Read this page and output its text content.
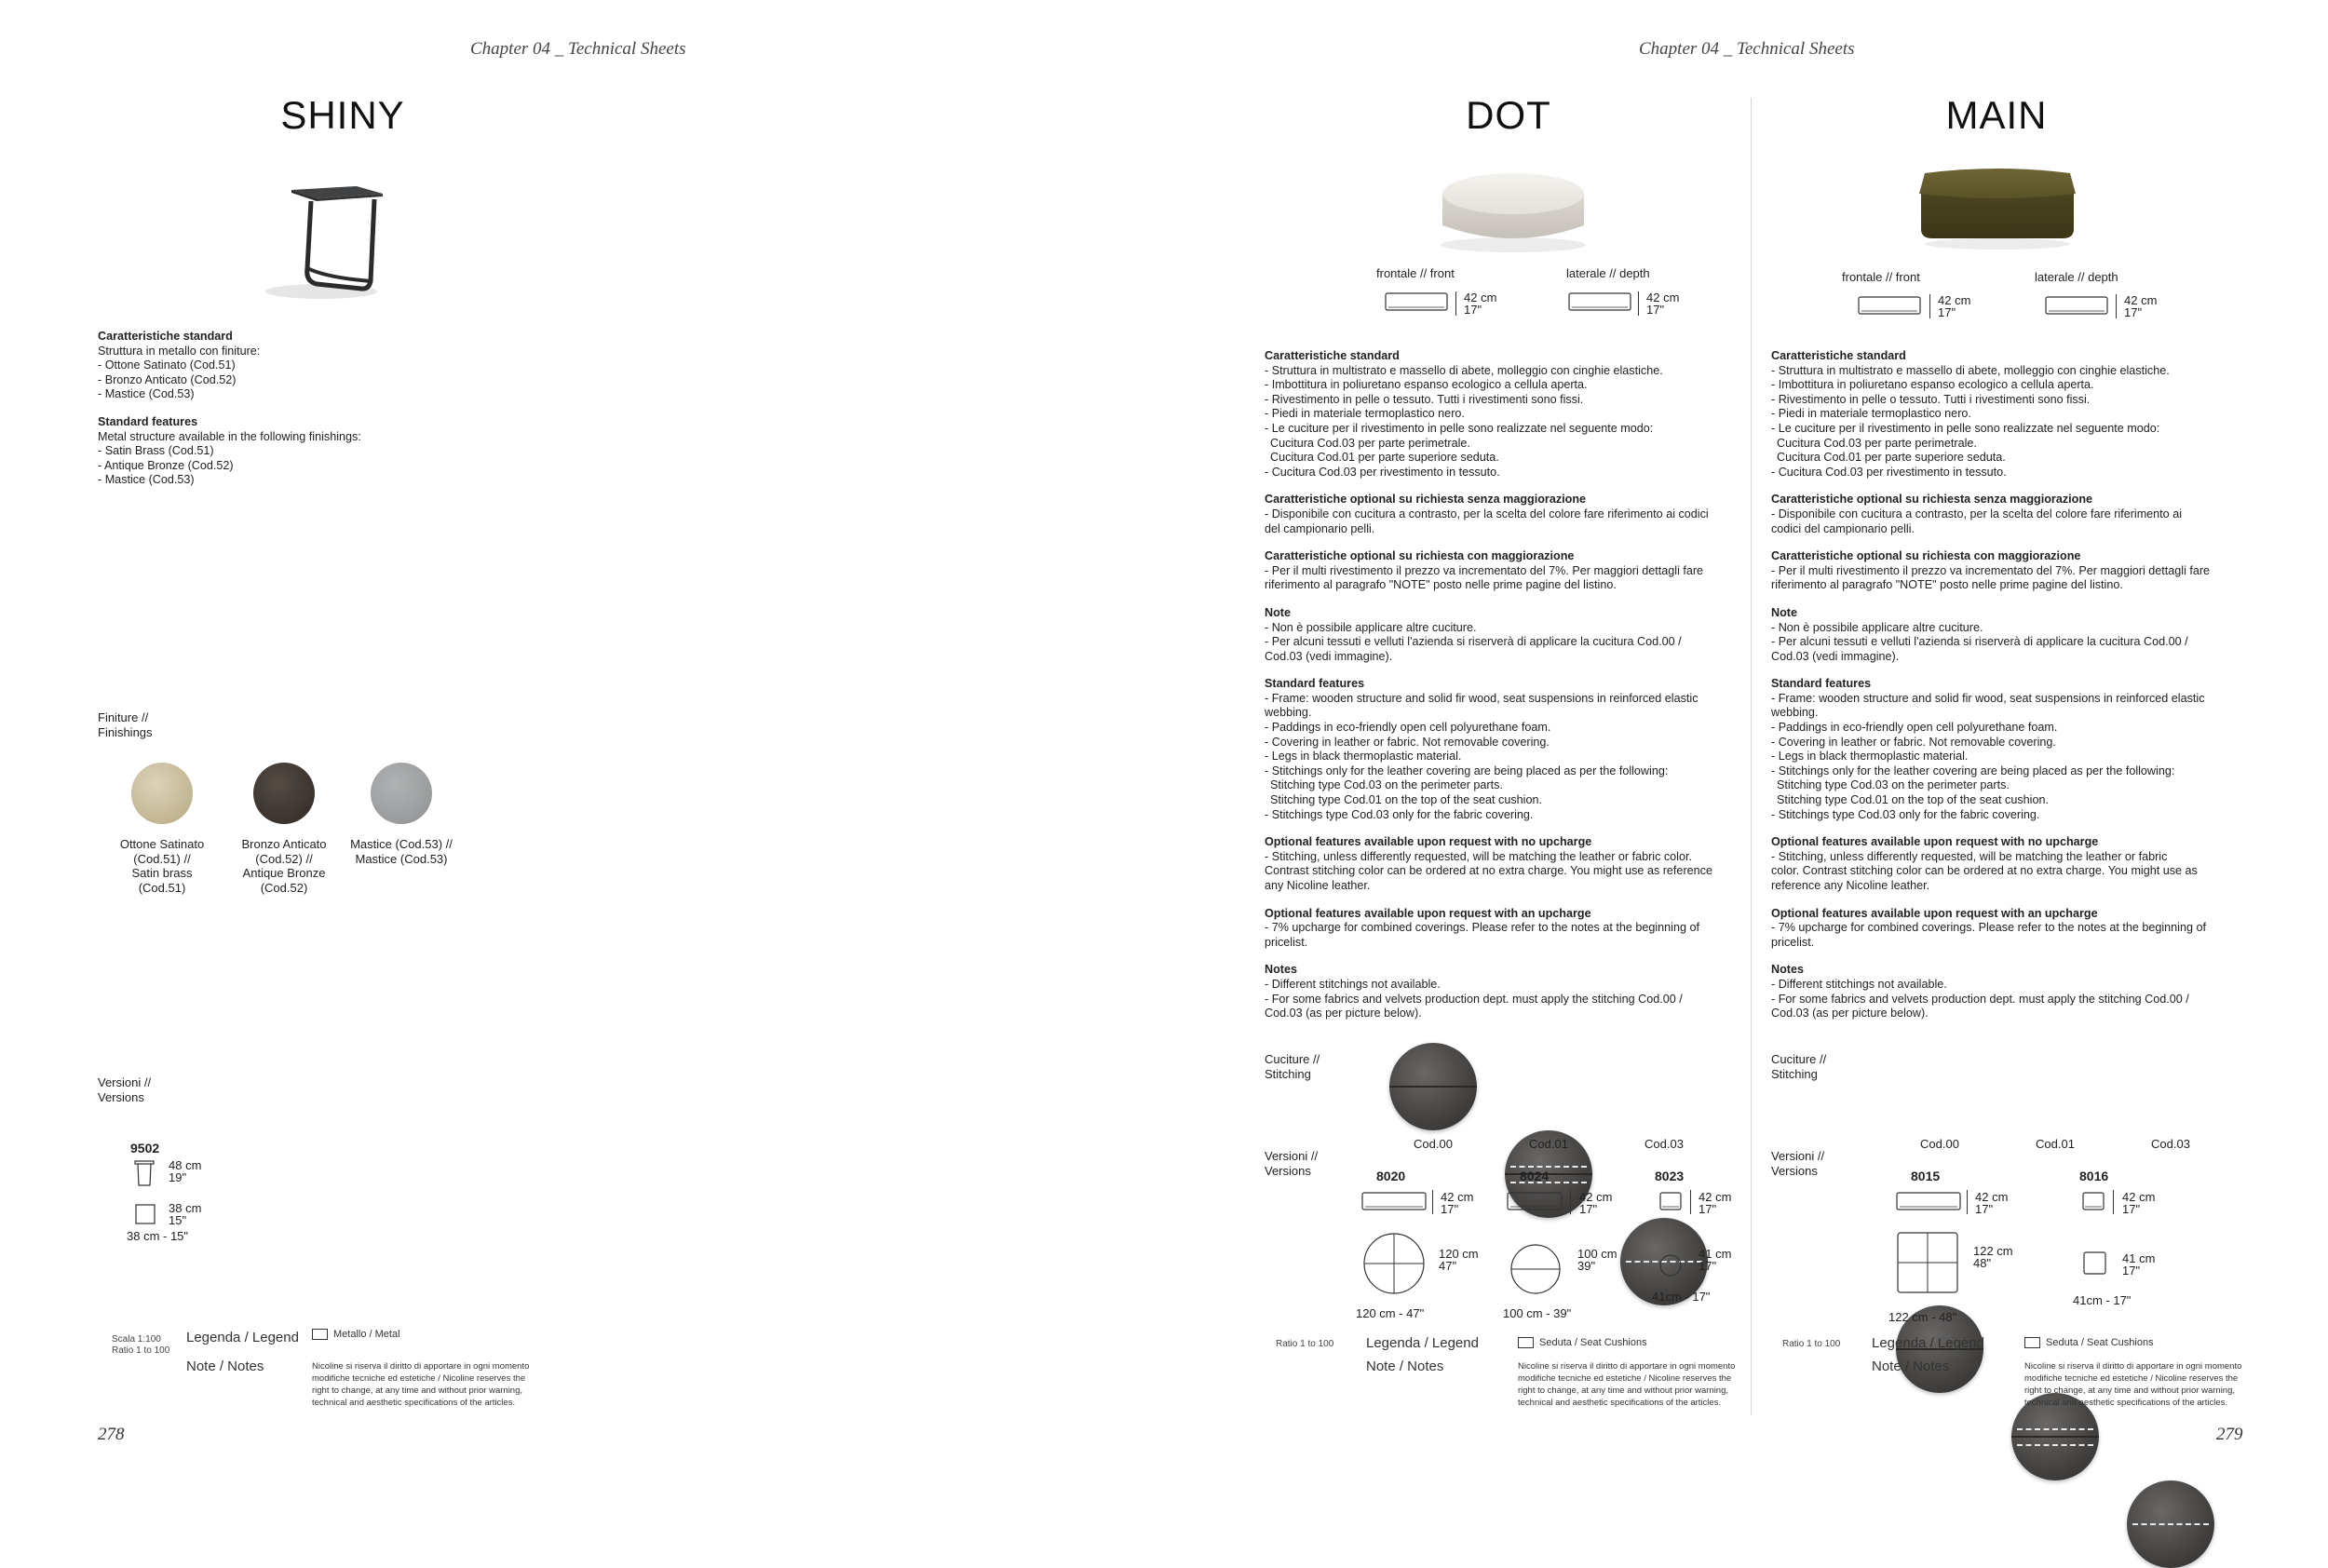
Chapter 04 _ Technical Sheets
SHINY

Caratteristiche standard

Struttura in metallo con finiture:

- Ottone Satinato (Cod.51)

- Bronzo Anticato (Cod.52)

- Mastice (Cod.53)

Standard features

Metal structure available in the following finishings:

- Satin Brass (Cod.51)

- Antique Bronze (Cod.52)

- Mastice (Cod.53)

Finiture //
Finishings
Ottone Satinato
(Cod.51) //
Satin brass
(Cod.51)
Bronzo Anticato
(Cod.52) //
Antique Bronze
(Cod.52)
Mastice (Cod.53) //
Mastice (Cod.53)
Versioni //
Versions
9502
48 cm
19"
38 cm
15"
38 cm - 15"
Scala 1:100
Ratio 1 to 100
Legenda / Legend	Metallo / Metal
Note / Notes	Nicoline si riserva il diritto di apportare in ogni momento modifiche tecniche ed estetiche / Nicoline reserves the right to change, at any time and without prior warning, technical and aesthetic specifications of the articles.
278
Chapter 04 _ Technical Sheets
DOT
frontale // front	laterale // depth
42 cm
17"
42 cm
17"

Caratteristiche standard

- Struttura in multistrato e massello di abete, molleggio con cinghie elastiche.

- Imbottitura in poliuretano espanso ecologico a cellula aperta.

- Rivestimento in pelle o tessuto. Tutti i rivestimenti sono fissi.

- Piedi in materiale termoplastico nero.

- Le cuciture per il rivestimento in pelle sono realizzate nel seguente modo:

Cucitura Cod.03 per parte perimetrale.

Cucitura Cod.01 per parte superiore seduta.

- Cucitura Cod.03 per rivestimento in tessuto.

Caratteristiche optional su richiesta senza maggiorazione

- Disponibile con cucitura a contrasto, per la scelta del colore fare riferimento ai codici

del campionario pelli.

Caratteristiche optional su richiesta con maggiorazione

- Per il multi rivestimento il prezzo va incrementato del 7%. Per maggiori dettagli fare

riferimento al paragrafo "NOTE" posto nelle prime pagine del listino.

Note

- Non è possibile applicare altre cuciture.

- Per alcuni tessuti e velluti l'azienda si riserverà di applicare la cucitura Cod.00 /

Cod.03 (vedi immagine).

Standard features

- Frame: wooden structure and solid fir wood, seat suspensions in reinforced elastic

webbing.

- Paddings in eco-friendly open cell polyurethane foam.

- Covering in leather or fabric. Not removable covering.

- Legs in black thermoplastic material.

- Stitchings only for the leather covering are being placed as per the following:

Stitching type Cod.03 on the perimeter parts.

Stitching type Cod.01 on the top of the seat cushion.

- Stitchings type Cod.03 only for the fabric covering.

Optional features available upon request with no upcharge

- Stitching, unless differently requested, will be matching the leather or fabric color.

Contrast stitching color can be ordered at no extra charge. You might use as reference

any Nicoline leather.

Optional features available upon request with an upcharge

- 7% upcharge for combined coverings. Please refer to the notes at the beginning of

pricelist.

Notes

- Different stitchings not available.

- For some fabrics and velvets production dept. must apply the stitching Cod.00 /

Cod.03 (as per picture below).

Cuciture //
Stitching
Cod.00	Cod.01	Cod.03
Versioni //
Versions	8020
42 cm
17"
120 cm
47"
120 cm - 47"
8024
42 cm
17"
100 cm
39"
100 cm - 39"
8023
42 cm
17"
41 cm
17"
41cm - 17"
Ratio 1 to 100 Legenda / Legend	Seduta / Seat Cushions
Note / Notes	Nicoline si riserva il diritto di apportare in ogni momento modifiche tecniche ed estetiche / Nicoline reserves the right to change, at any time and without prior warning, technical and aesthetic specifications of the articles.
MAIN
frontale // front	laterale // depth
42 cm
17"
42 cm
17"

Caratteristiche standard

- Struttura in multistrato e massello di abete, molleggio con cinghie elastiche.

- Imbottitura in poliuretano espanso ecologico a cellula aperta.

- Rivestimento in pelle o tessuto. Tutti i rivestimenti sono fissi.

- Piedi in materiale termoplastico nero.

- Le cuciture per il rivestimento in pelle sono realizzate nel seguente modo:

Cucitura Cod.03 per parte perimetrale.

Cucitura Cod.01 per parte superiore seduta.

- Cucitura Cod.03 per rivestimento in tessuto.

Caratteristiche optional su richiesta senza maggiorazione

- Disponibile con cucitura a contrasto, per la scelta del colore fare riferimento ai

codici del campionario pelli.

Caratteristiche optional su richiesta con maggiorazione

- Per il multi rivestimento il prezzo va incrementato del 7%. Per maggiori dettagli fare

riferimento al paragrafo "NOTE" posto nelle prime pagine del listino.

Note

- Non è possibile applicare altre cuciture.

- Per alcuni tessuti e velluti l'azienda si riserverà di applicare la cucitura Cod.00 /

Cod.03 (vedi immagine).

Standard features

- Frame: wooden structure and solid fir wood, seat suspensions in reinforced elastic

webbing.

- Paddings in eco-friendly open cell polyurethane foam.

- Covering in leather or fabric. Not removable covering.

- Legs in black thermoplastic material.

- Stitchings only for the leather covering are being placed as per the following:

Stitching type Cod.03 on the perimeter parts.

Stitching type Cod.01 on the top of the seat cushion.

- Stitchings type Cod.03 only for the fabric covering.

Optional features available upon request with no upcharge

- Stitching, unless differently requested, will be matching the leather or fabric

color. Contrast stitching color can be ordered at no extra charge. You might use as

reference any Nicoline leather.

Optional features available upon request with an upcharge

- 7% upcharge for combined coverings. Please refer to the notes at the beginning of

pricelist.

Notes

- Different stitchings not available.

- For some fabrics and velvets production dept. must apply the stitching Cod.00 /

Cod.03 (as per picture below).

Cuciture //
Stitching
Cod.00	Cod.01	Cod.03
Versioni //
Versions	8015
42 cm
17"
122 cm
48"
122 cm - 48"
8016
42 cm
17"
41 cm
17"
41cm - 17"
Ratio 1 to 100 Legenda / Legend	Seduta / Seat Cushions
Note / Notes	Nicoline si riserva il diritto di apportare in ogni momento modifiche tecniche ed estetiche / Nicoline reserves the right to change, at any time and without prior warning, technical and aesthetic specifications of the articles.
279
